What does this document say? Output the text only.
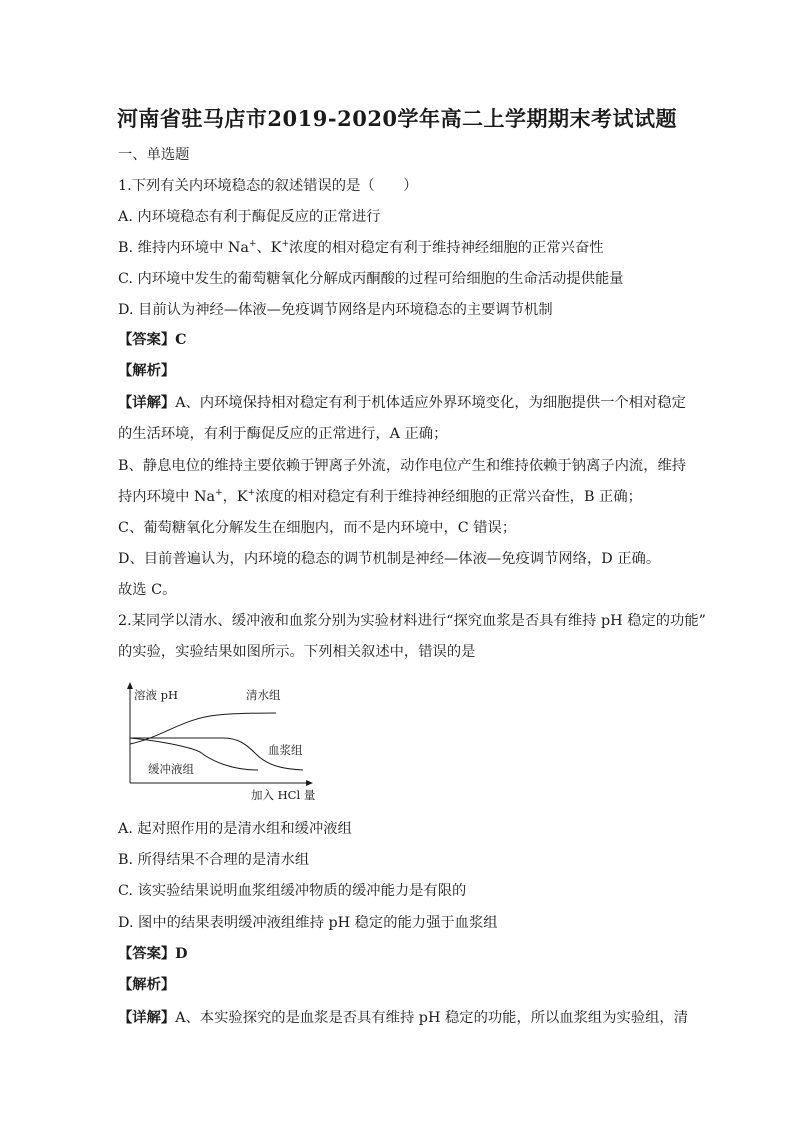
河南省驻马店市2019-2020学年高二上学期期末考试试题
一、单选题
1.下列有关内环境稳态的叙述错误的是（　　）
A. 内环境稳态有利于酶促反应的正常进行
B. 维持内环境中 Na+、K+浓度的相对稳定有利于维持神经细胞的正常兴奋性
C. 内环境中发生的葡萄糖氧化分解成丙酮酸的过程可给细胞的生命活动提供能量
D. 目前认为神经—体液—免疫调节网络是内环境稳态的主要调节机制
【答案】C
【解析】
【详解】A、内环境保持相对稳定有利于机体适应外界环境变化，为细胞提供一个相对稳定
的生活环境，有利于酶促反应的正常进行，A 正确；
B、静息电位的维持主要依赖于钾离子外流，动作电位产生和维持依赖于钠离子内流，维持
持内环境中 Na+，K+浓度的相对稳定有利于维持神经细胞的正常兴奋性，B 正确；
C、葡萄糖氧化分解发生在细胞内，而不是内环境中，C 错误；
D、目前普遍认为，内环境的稳态的调节机制是神经—体液—免疫调节网络，D 正确。
故选 C。
2.某同学以清水、缓冲液和血浆分别为实验材料进行“探究血浆是否具有维持 pH 稳定的功能”
的实验，实验结果如图所示。下列相关叙述中，错误的是
溶液 pH
加入 HCl 量
清水组
血浆组
缓冲液组
A. 起对照作用的是清水组和缓冲液组
B. 所得结果不合理的是清水组
C. 该实验结果说明血浆组缓冲物质的缓冲能力是有限的
D. 图中的结果表明缓冲液组维持 pH 稳定的能力强于血浆组
【答案】D
【解析】
【详解】A、本实验探究的是血浆是否具有维持 pH 稳定的功能，所以血浆组为实验组，清
